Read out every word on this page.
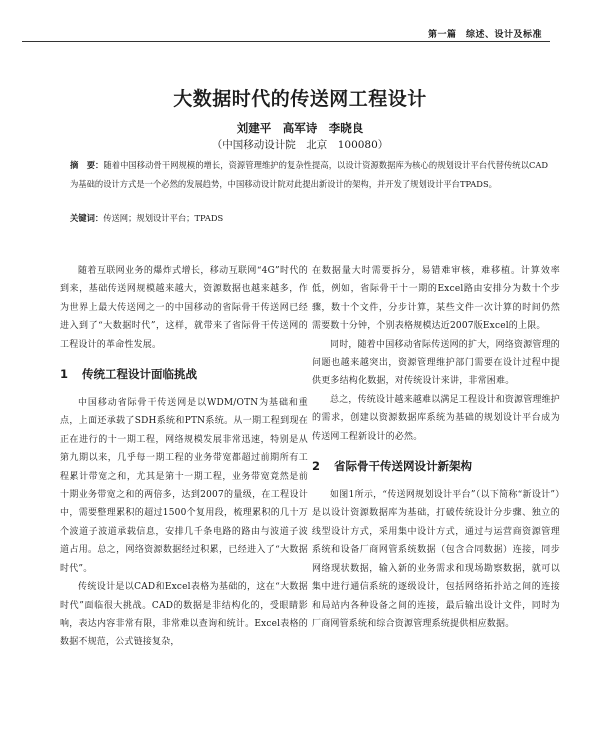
第一篇　综述、设计及标准
大数据时代的传送网工程设计
刘建平　高军诗　李晓良
（中国移动设计院　北京　100080）
摘　要：随着中国移动骨干网规模的增长，资源管理维护的复杂性提高，以设计资源数据库为核心的规划设计平台代替传统以CAD为基础的设计方式是一个必然的发展趋势，中国移动设计院对此提出新设计的架构，并开发了规划设计平台TPADS。
关键词：传送网；规划设计平台；TPADS

随着互联网业务的爆炸式增长，移动互联网“4G”时代的到来，基础传送网规模越来越大，资源数据也越来越多，作为世界上最大传送网之一的中国移动的省际骨干传送网已经进入到了“大数据时代”，这样，就带来了省际骨干传送网的工程设计的革命性发展。

1 传统工程设计面临挑战

中国移动省际骨干传送网是以WDM/OTN为基础和重点，上面还承载了SDH系统和PTN系统。从一期工程到现在正在进行的十一期工程，网络规模发展非常迅速，特别是从第九期以来，几乎每一期工程的业务带宽都超过前期所有工程累计带宽之和，尤其是第十一期工程，业务带宽竟然是前十期业务带宽之和的两倍多，达到2007的量级，在工程设计中，需要整理累积的超过1500个复用段，梳理累积的几十万个波道子波道承载信息，安排几千条电路的路由与波道子波道占用。总之，网络资源数据经过积累，已经进入了“大数据时代”。

传统设计是以CAD和Excel表格为基础的，这在“大数据时代”面临很大挑战。CAD的数据是非结构化的，受眼睛影响，表达内容非常有限，非常难以查询和统计。Excel表格的数据不规范，公式链接复杂，

在数据量大时需要拆分，易错难审核，难移植。计算效率低，例如，省际骨干十一期的Excel路由安排分为数十个步骤，数十个文件，分步计算，某些文件一次计算的时间仍然需要数十分钟，个别表格规模达近2007版Excel的上限。

同时，随着中国移动省际传送网的扩大，网络资源管理的问题也越来越突出，资源管理维护部门需要在设计过程中提供更多结构化数据，对传统设计来讲，非常困难。

总之，传统设计越来越难以满足工程设计和资源管理维护的需求，创建以资源数据库系统为基础的规划设计平台成为传送网工程新设计的必然。

2 省际骨干传送网设计新架构

如图1所示，“传送网规划设计平台”（以下简称“新设计”）是以设计资源数据库为基础，打破传统设计分步骤、独立的线型设计方式，采用集中设计方式，通过与运营商资源管理系统和设备厂商网管系统数据（包含合同数据）连接，同步网络现状数据，输入新的业务需求和现场勘察数据，就可以集中进行通信系统的逐级设计，包括网络拓扑站之间的连接和局站内各种设备之间的连接，最后输出设计文件，同时为厂商网管系统和综合资源管理系统提供相应数据。
